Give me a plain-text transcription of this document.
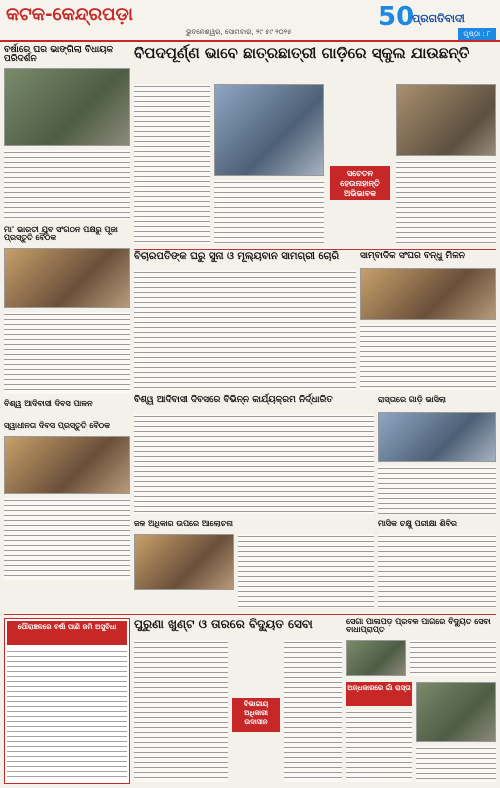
କଟକ-କେନ୍ଦ୍ରପଡ଼ା
ଭୁବନେଶ୍ୱର, ସୋମବାର, ୨୯ ୫୯ ୨୦୨୫	50
ପ୍ରଗତିବାଦୀ
ପୃଷ୍ଠା : ୮
ବର୍ଷାରେ ଘର ଭାଙ୍ଗିଲା ବିଧାୟକ ପରିଦର୍ଶନ	ବିପଦପୂର୍ଣ୍ଣ ଭାବେ ଛାତ୍ରଛାତ୍ରୀ ଗାଡ଼ିରେ ସ୍କୁଲ ଯାଉଛନ୍ତି
ସଚେତନ ହେଉନାହାନ୍ତି ଅଭିଭାବକ
ମା' ଭାରତୀ ଯୁବ ସଂଗଠନ ପକ୍ଷରୁ ପୂଜା ପ୍ରସ୍ତୁତି ବୈଠକ
ବିଚାରପତିଙ୍କ ଘରୁ ସୁନା ଓ ମୂଲ୍ୟବାନ ସାମଗ୍ରୀ ଚୋରି	ସାମ୍ବାଦିକ ସଂଘର ବନ୍ଧୁ ମିଳନ
ବିଶ୍ୱ ଆଦିବାସୀ ଦିବସ ପାଳନ	ବିଶ୍ୱ ଆଦିବାସୀ ଦିବସରେ ବିଭିନ୍ନ କାର୍ଯ୍ୟକ୍ରମ ନିର୍ଦ୍ଧାରିତ	ରାସ୍ତାରେ ଗାଡ଼ି ଭାସିଲା
ସ୍ୱାଧୀନତା ଦିବସ ପ୍ରସ୍ତୁତି ବୈଠକ
ମାସିକ ଚକ୍ଷୁ ପରୀକ୍ଷା ଶିବିର
ଜଳ ଅଧିକାର ଉପରେ ଆଲୋଚନା
ପୌରାଞ୍ଚଳରେ ବର୍ଷା ପାଣି ଜମି ଅସୁବିଧା	ପୁରୁଣା ଖୁଣ୍ଟ ଓ ତାରରେ ବିଦ୍ୟୁତ ସେବା
ବିଭାଗୀୟ ଅଧିକାରୀ ଉଦାସୀନ
ସେଗା ପାଳାପଡ଼ ପ୍ରବଳ ପାଗରେ ବିଦ୍ୟୁତ ସେବା ବାଧାପ୍ରାପ୍ତ
ଅନ୍ଧକାରରେ ଗାଁ ରାସ୍ତା
